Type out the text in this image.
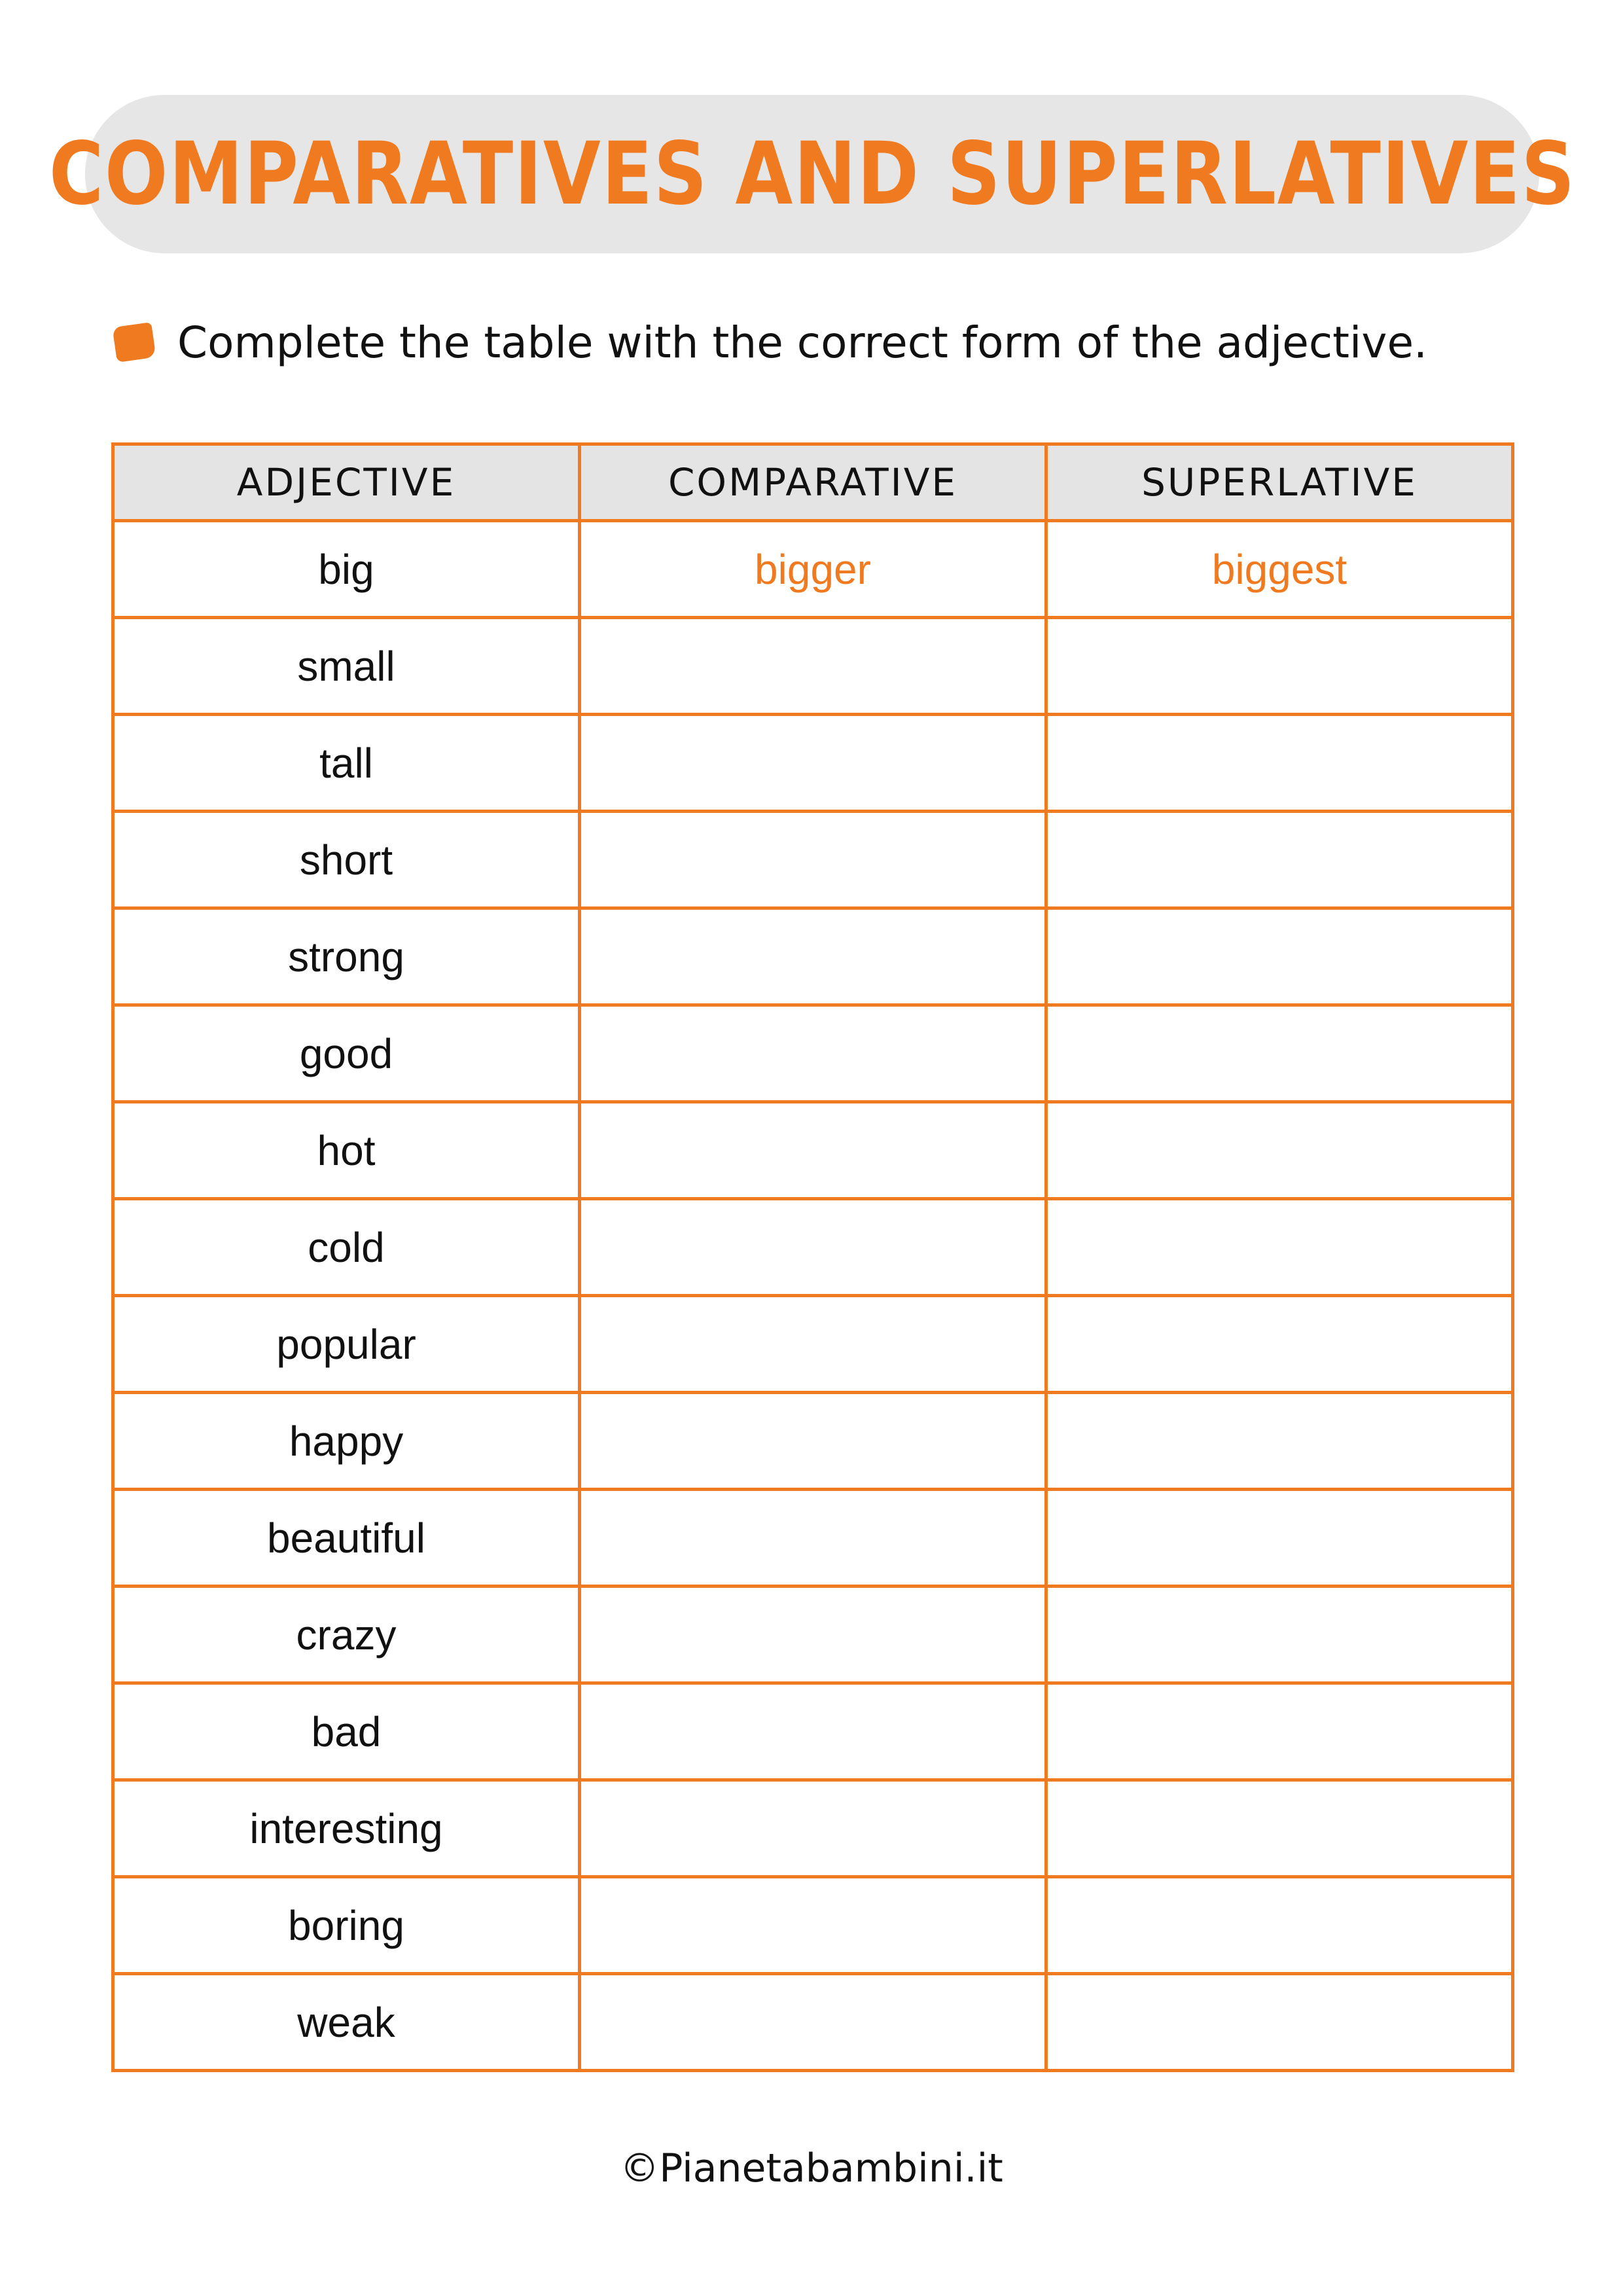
COMPARATIVES AND SUPERLATIVES
Complete the table with the correct form of the adjective.
ADJECTIVE	COMPARATIVE	SUPERLATIVE
big	bigger	biggest
small		
tall		
short		
strong		
good		
hot		
cold		
popular		
happy		
beautiful		
crazy		
bad		
interesting		
boring		
weak		
©Pianetabambini.it
